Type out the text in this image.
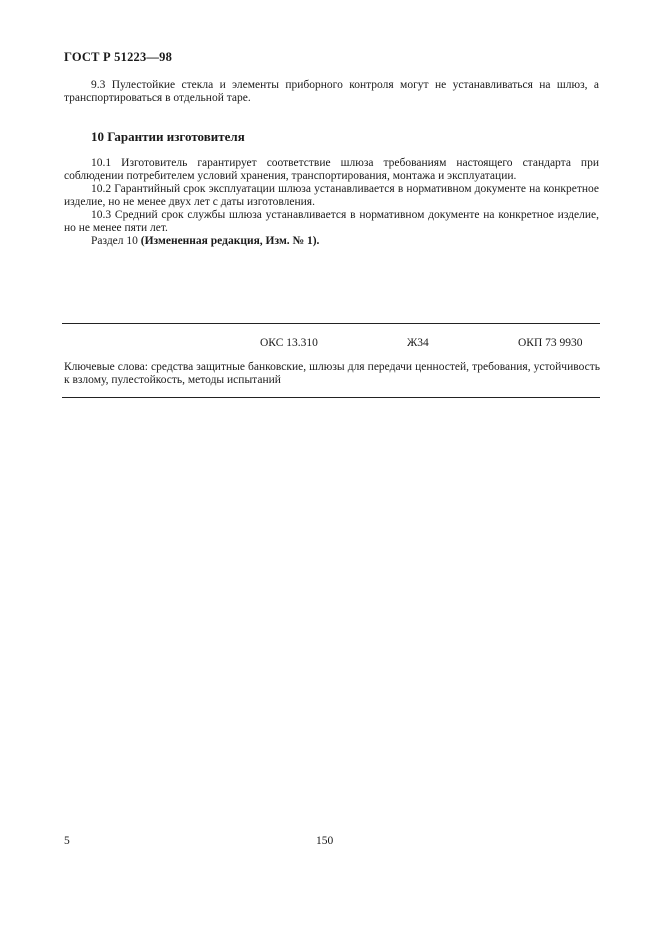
ГОСТ Р 51223—98
9.3 Пулестойкие стекла и элементы приборного контроля могут не устанавливаться на шлюз, а транспортироваться в отдельной таре.
10 Гарантии изготовителя
10.1 Изготовитель гарантирует соответствие шлюза требованиям настоящего стандарта при соблюдении потребителем условий хранения, транспортирования, монтажа и эксплуатации.
10.2 Гарантийный срок эксплуатации шлюза устанавливается в нормативном документе на конкретное изделие, но не менее двух лет с даты изготовления.
10.3 Средний срок службы шлюза устанавливается в нормативном документе на конкретное изделие, но не менее пяти лет.
Раздел 10 (Измененная редакция, Изм. № 1).
ОКС 13.310	Ж34	ОКП 73 9930
Ключевые слова: средства защитные банковские, шлюзы для передачи ценностей, требования, устойчивость к взлому, пулестойкость, методы испытаний
5	150
